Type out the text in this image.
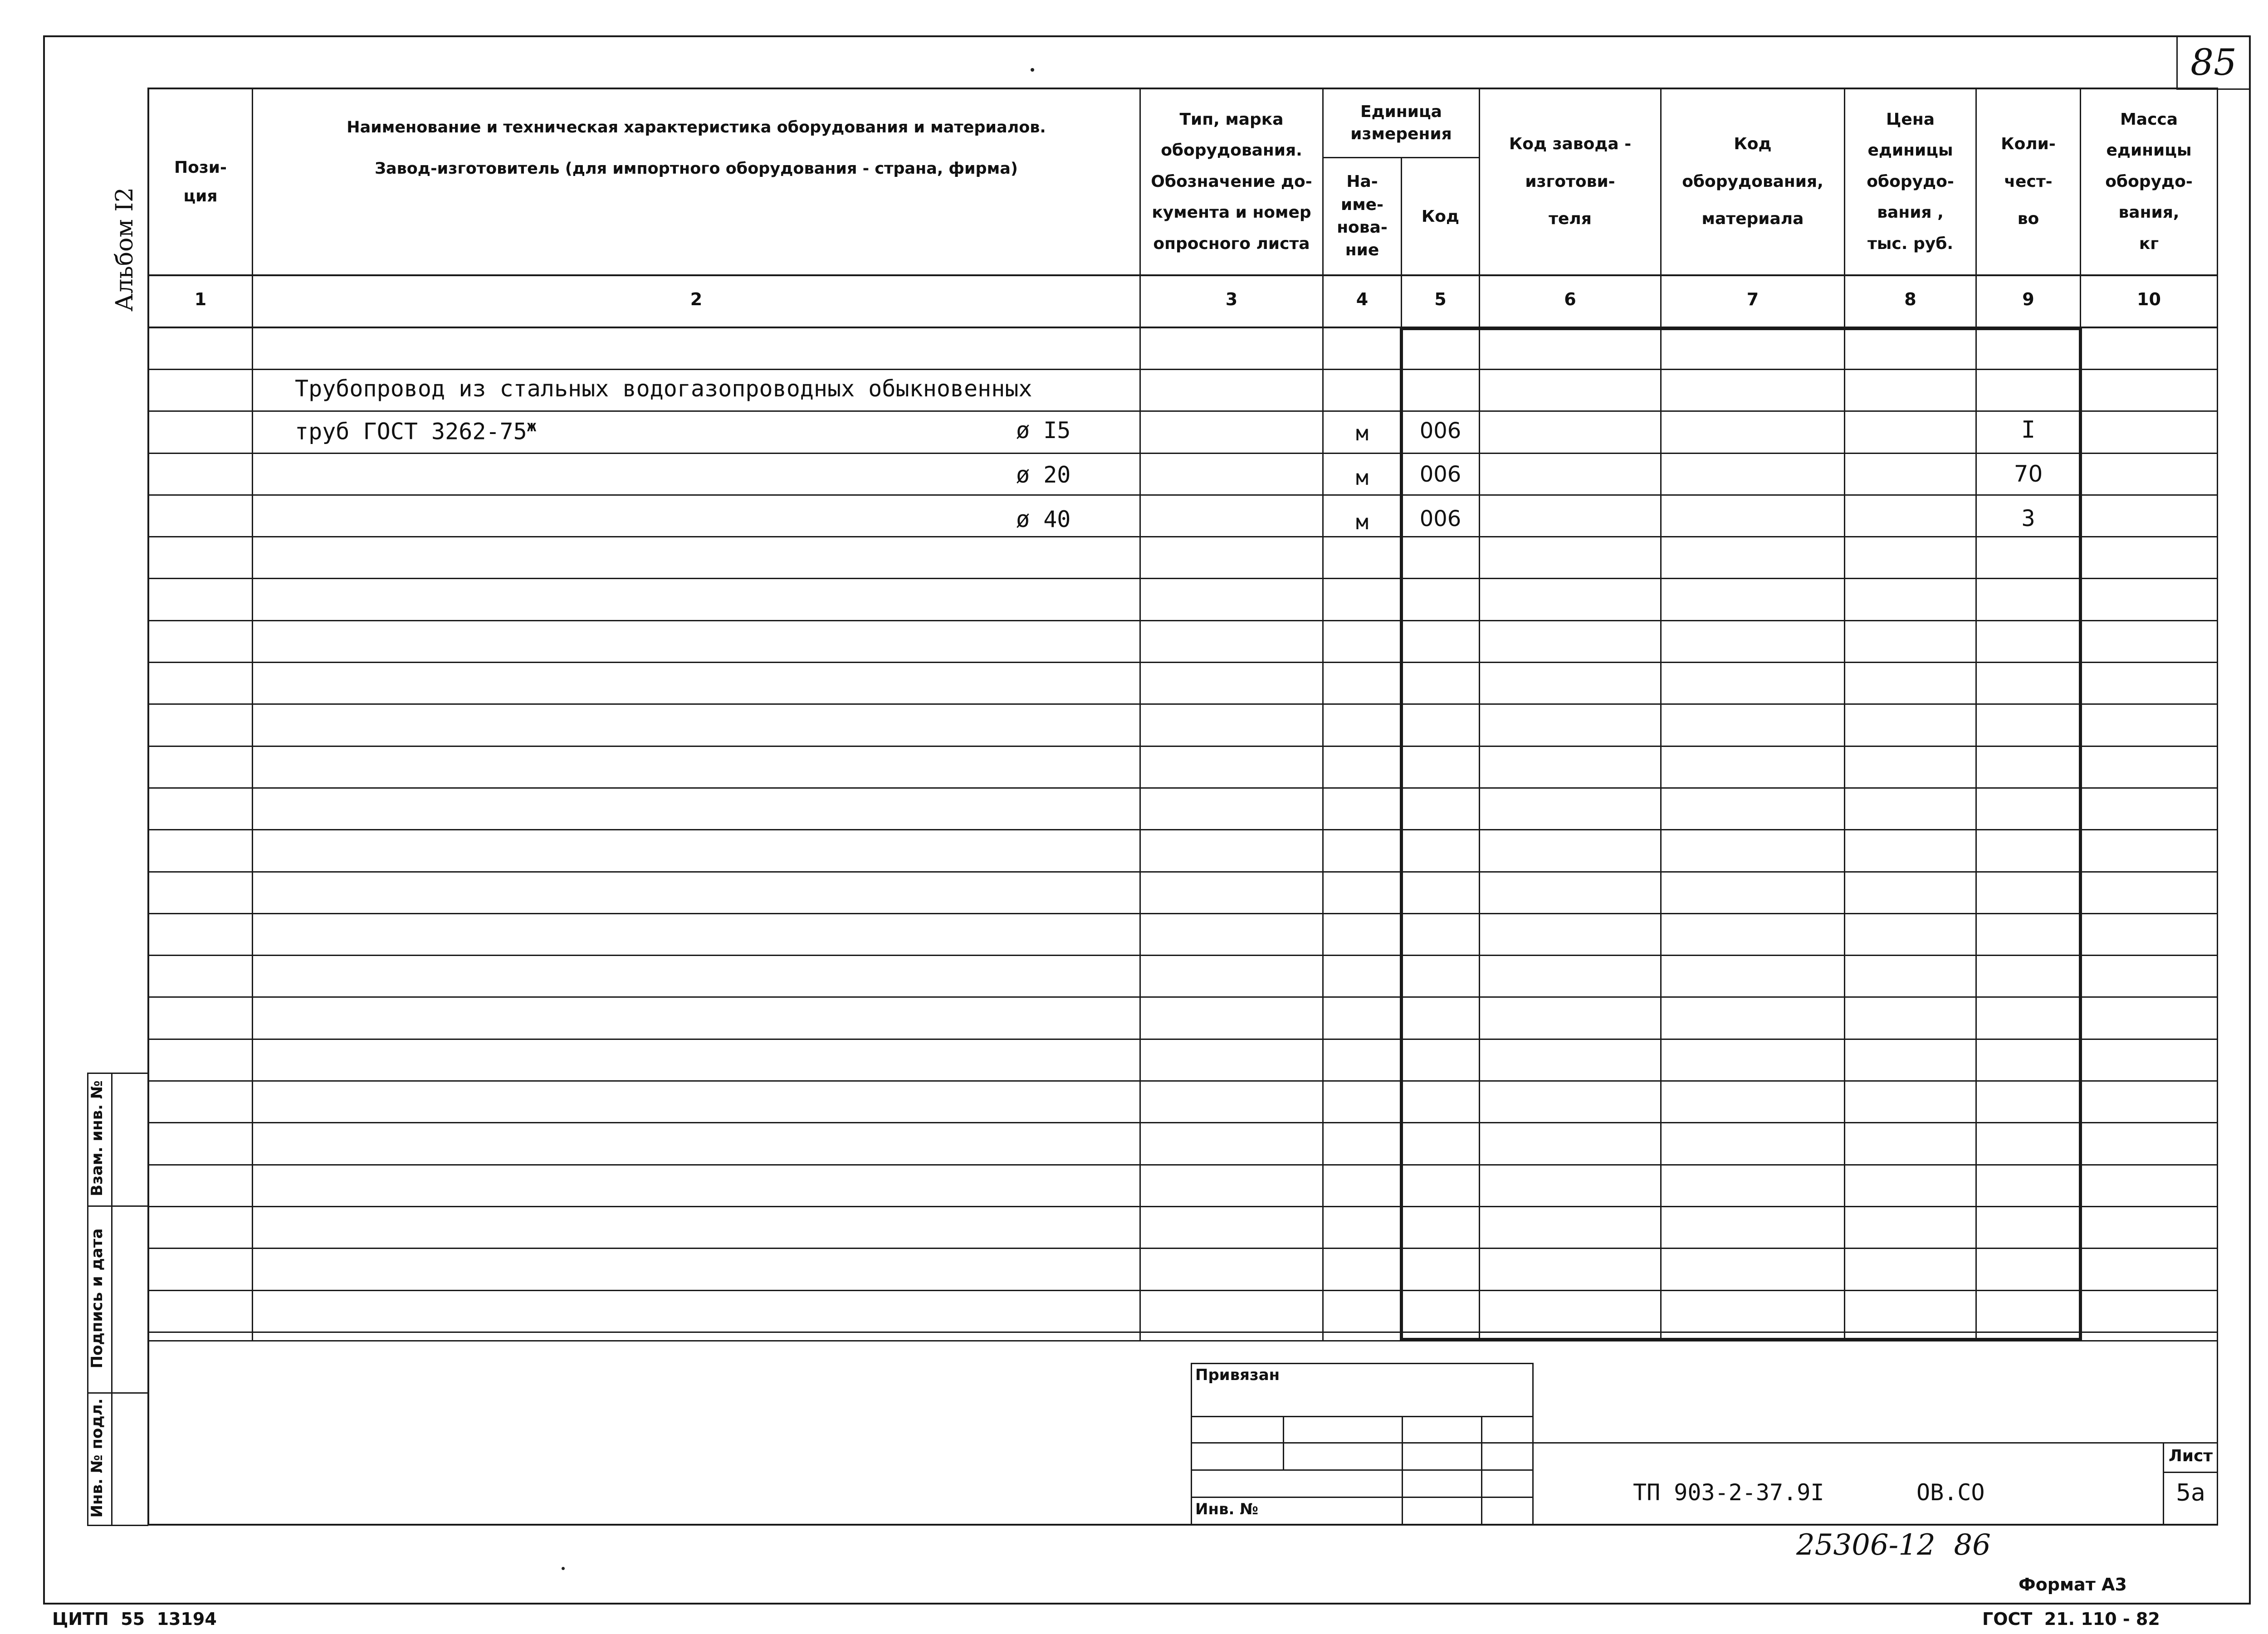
85
Альбом I2
Пози-
ция
Наименование и техническая характеристика оборудования и материалов.
Завод-изготовитель (для импортного оборудования - страна, фирма)
Тип, марка
оборудования.
Обозначение до-
кумента и номер
опросного листа
Единица
измерения
На-
име-
нова-
ние
Код
Код завода -
изготови-
теля
Код
оборудования,
материала
Цена
единицы
оборудо-
вания ,
тыс. руб.
Коли-
чест-
во
Масса
единицы
оборудо-
вания,
кг
1	2	3	4	5	6	7	8	9	10
Трубопровод из стальных водогазопроводных обыкновенных
труб ГОСТ $3262-75^ж$	ø I5	м	006	I
ø 20	м	006	70
ø 40	м	006	3
Взам. инв. №
Подпись и дата
Инв. № подл.
Привязан
Инв. №
Лист
5а
ТП 903-2-37.9I	ОВ.СО
25306-12  86
Формат А3
ЦИТП  55  13194	ГОСТ  21. 110 - 82
